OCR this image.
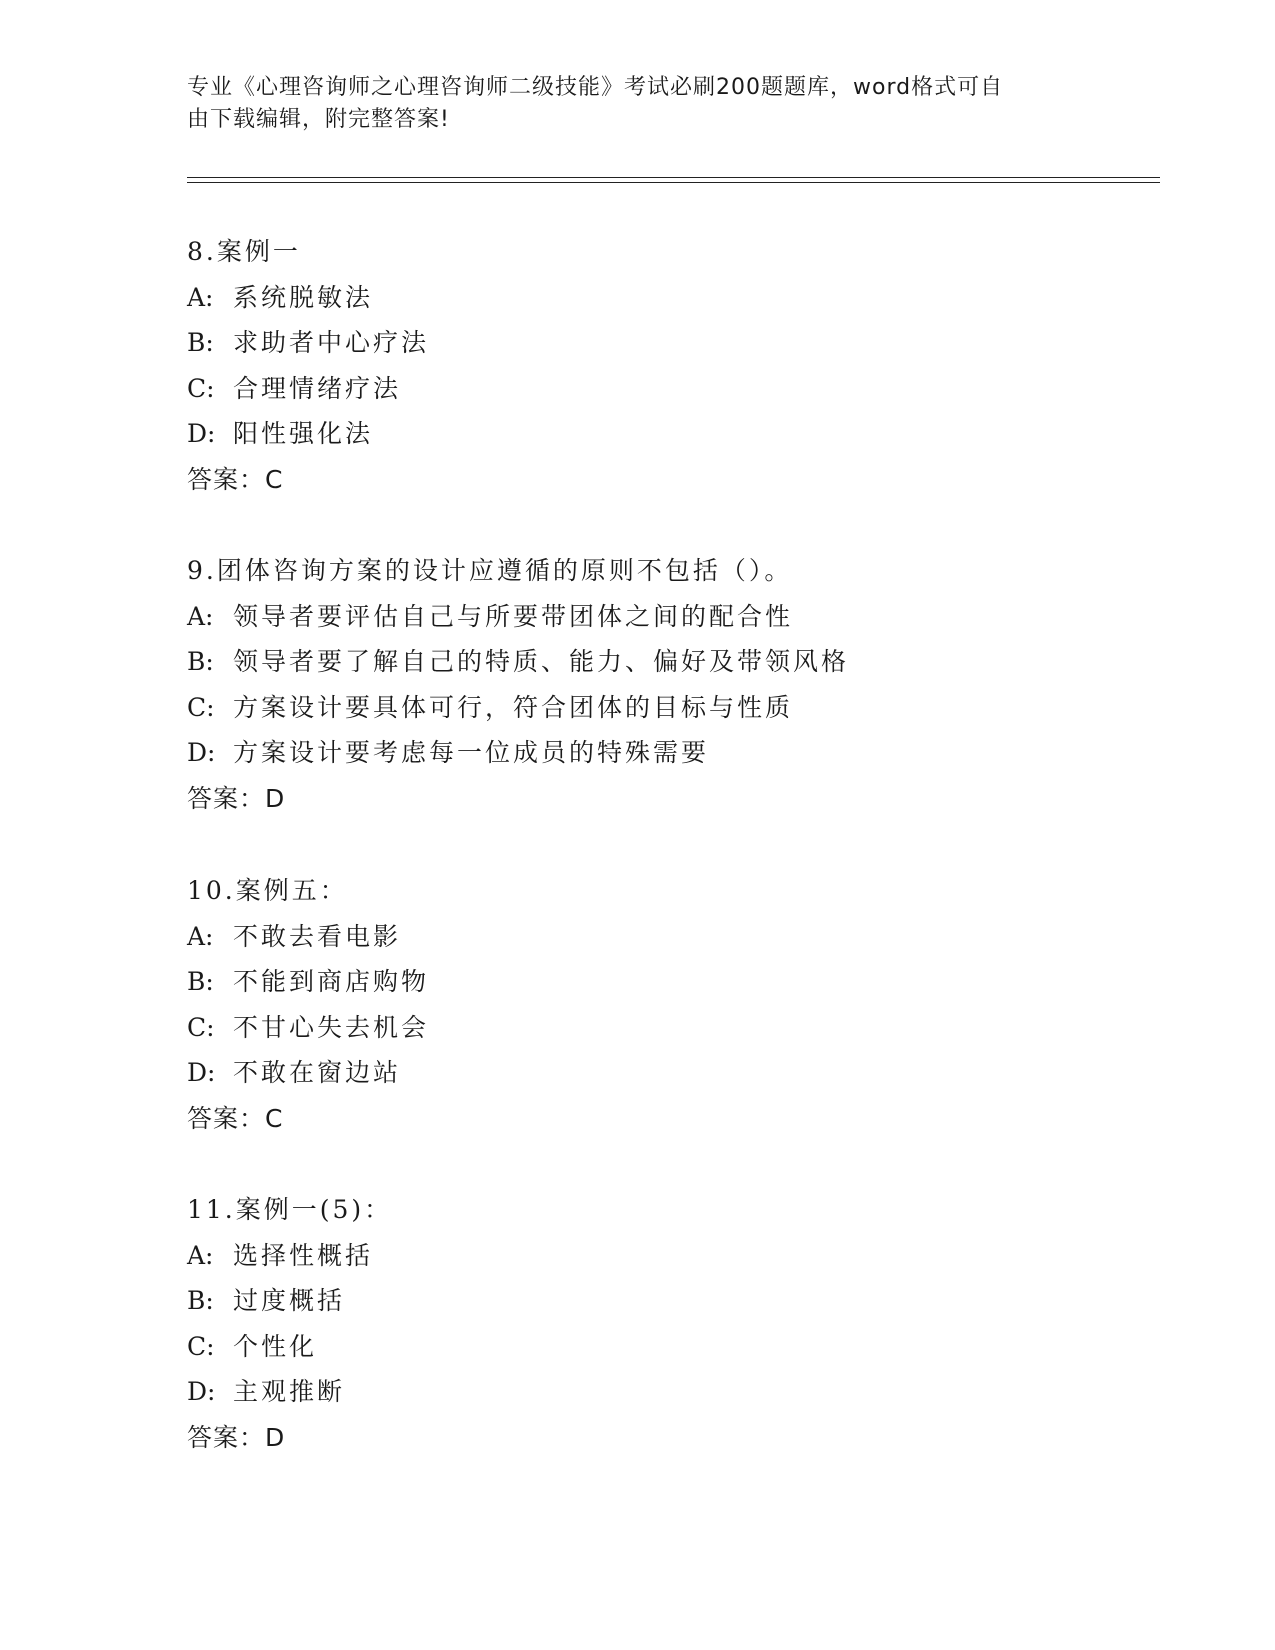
专业《心理咨询师之心理咨询师二级技能》考试必刷200题题库，word格式可自
由下载编辑，附完整答案!
8.案例一
A: 系统脱敏法
B: 求助者中心疗法
C: 合理情绪疗法
D: 阳性强化法
答案：C
9.团体咨询方案的设计应遵循的原则不包括（）。
A: 领导者要评估自己与所要带团体之间的配合性
B: 领导者要了解自己的特质、能力、偏好及带领风格
C: 方案设计要具体可行，符合团体的目标与性质
D: 方案设计要考虑每一位成员的特殊需要
答案：D
10.案例五：
A: 不敢去看电影
B: 不能到商店购物
C: 不甘心失去机会
D: 不敢在窗边站
答案：C
11.案例一(5)：
A: 选择性概括
B: 过度概括
C: 个性化
D: 主观推断
答案：D
